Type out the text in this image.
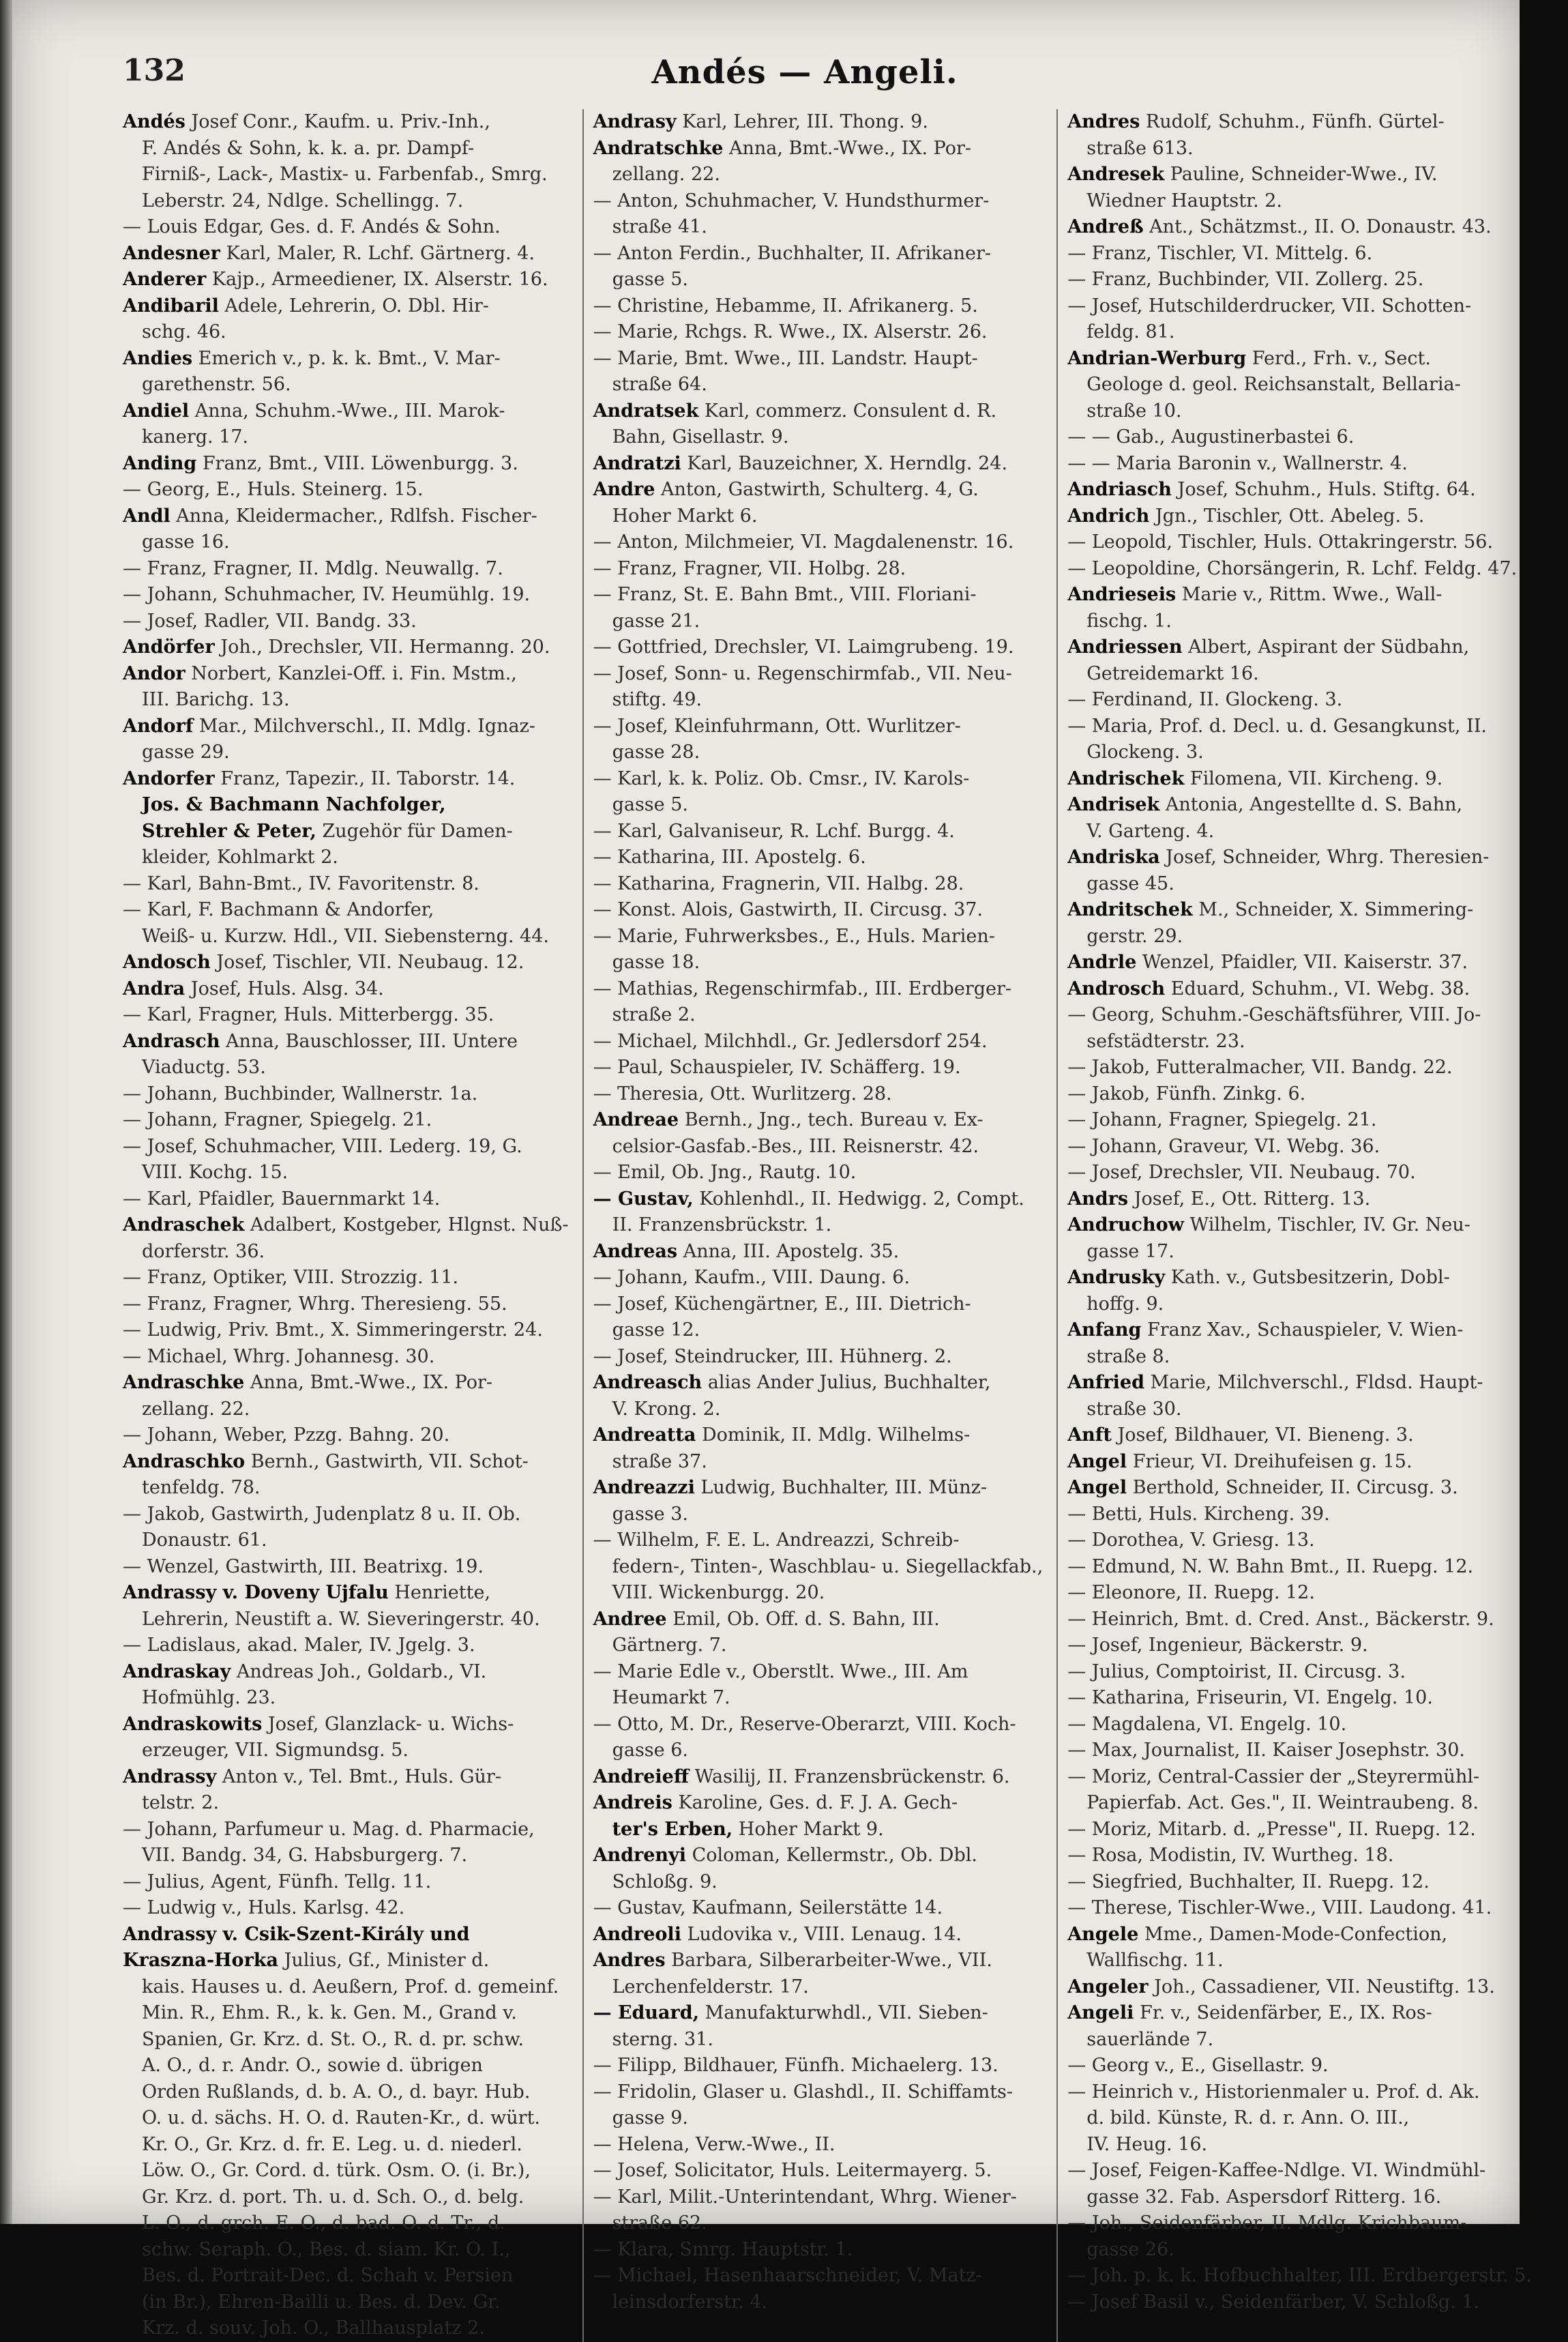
132	Andés — Angeli.
Andés Josef Conr., Kaufm. u. Priv.-Inh.,
F. Andés & Sohn, k. k. a. pr. Dampf-
Firniß-, Lack-, Mastix- u. Farbenfab., Smrg.
Leberstr. 24, Ndlge. Schellingg. 7.
— Louis Edgar, Ges. d. F. Andés & Sohn.
Andesner Karl, Maler, R. Lchf. Gärtnerg. 4.
Anderer Kajp., Armeediener, IX. Alserstr. 16.
Andibaril Adele, Lehrerin, O. Dbl. Hir-
schg. 46.
Andies Emerich v., p. k. k. Bmt., V. Mar-
garethenstr. 56.
Andiel Anna, Schuhm.-Wwe., III. Marok-
kanerg. 17.
Anding Franz, Bmt., VIII. Löwenburgg. 3.
— Georg, E., Huls. Steinerg. 15.
Andl Anna, Kleidermacher., Rdlfsh. Fischer-
gasse 16.
— Franz, Fragner, II. Mdlg. Neuwallg. 7.
— Johann, Schuhmacher, IV. Heumühlg. 19.
— Josef, Radler, VII. Bandg. 33.
Andörfer Joh., Drechsler, VII. Hermanng. 20.
Andor Norbert, Kanzlei-Off. i. Fin. Mstm.,
III. Barichg. 13.
Andorf Mar., Milchverschl., II. Mdlg. Ignaz-
gasse 29.
Andorfer Franz, Tapezir., II. Taborstr. 14.
Jos. & Bachmann Nachfolger,
Strehler & Peter, Zugehör für Damen-
kleider, Kohlmarkt 2.
— Karl, Bahn-Bmt., IV. Favoritenstr. 8.
— Karl, F. Bachmann & Andorfer,
Weiß- u. Kurzw. Hdl., VII. Siebensterng. 44.
Andosch Josef, Tischler, VII. Neubaug. 12.
Andra Josef, Huls. Alsg. 34.
— Karl, Fragner, Huls. Mitterbergg. 35.
Andrasch Anna, Bauschlosser, III. Untere
Viaductg. 53.
— Johann, Buchbinder, Wallnerstr. 1a.
— Johann, Fragner, Spiegelg. 21.
— Josef, Schuhmacher, VIII. Lederg. 19, G.
VIII. Kochg. 15.
— Karl, Pfaidler, Bauernmarkt 14.
Andraschek Adalbert, Kostgeber, Hlgnst. Nuß-
dorferstr. 36.
— Franz, Optiker, VIII. Strozzig. 11.
— Franz, Fragner, Whrg. Theresieng. 55.
— Ludwig, Priv. Bmt., X. Simmeringerstr. 24.
— Michael, Whrg. Johannesg. 30.
Andraschke Anna, Bmt.-Wwe., IX. Por-
zellang. 22.
— Johann, Weber, Pzzg. Bahng. 20.
Andraschko Bernh., Gastwirth, VII. Schot-
tenfeldg. 78.
— Jakob, Gastwirth, Judenplatz 8 u. II. Ob.
Donaustr. 61.
— Wenzel, Gastwirth, III. Beatrixg. 19.
Andrassy v. Doveny Ujfalu Henriette,
Lehrerin, Neustift a. W. Sieveringerstr. 40.
— Ladislaus, akad. Maler, IV. Jgelg. 3.
Andraskay Andreas Joh., Goldarb., VI.
Hofmühlg. 23.
Andraskowits Josef, Glanzlack- u. Wichs-
erzeuger, VII. Sigmundsg. 5.
Andrassy Anton v., Tel. Bmt., Huls. Gür-
telstr. 2.
— Johann, Parfumeur u. Mag. d. Pharmacie,
VII. Bandg. 34, G. Habsburgerg. 7.
— Julius, Agent, Fünfh. Tellg. 11.
— Ludwig v., Huls. Karlsg. 42.
Andrassy v. Csik-Szent-Király und
Krasznа-Horka Julius, Gf., Minister d.
kais. Hauses u. d. Aeußern, Prof. d. gemeinf.
Min. R., Ehm. R., k. k. Gen. M., Grand v.
Spanien, Gr. Krz. d. St. O., R. d. pr. schw.
A. O., d. r. Andr. O., sowie d. übrigen
Orden Rußlands, d. b. A. O., d. bayr. Hub.
O. u. d. sächs. H. O. d. Rauten-Kr., d. würt.
Kr. O., Gr. Krz. d. fr. E. Leg. u. d. niederl.
Löw. O., Gr. Cord. d. türk. Osm. O. (i. Br.),
Gr. Krz. d. port. Th. u. d. Sch. O., d. belg.
L. O., d. grch. E. O., d. bad. O. d. Tr., d.
schw. Seraph. O., Bes. d. siam. Kr. O. I.,
Bes. d. Portrait-Dec. d. Schah v. Persien
(in Br.), Ehren-Bailli u. Bes. d. Dev. Gr.
Krz. d. souv. Joh. O., Ballhausplatz 2.
Andrasy Karl, Lehrer, III. Thong. 9.
Andratschke Anna, Bmt.-Wwe., IX. Por-
zellang. 22.
— Anton, Schuhmacher, V. Hundsthurmer-
straße 41.
— Anton Ferdin., Buchhalter, II. Afrikaner-
gasse 5.
— Christine, Hebamme, II. Afrikanerg. 5.
— Marie, Rchgs. R. Wwe., IX. Alserstr. 26.
— Marie, Bmt. Wwe., III. Landstr. Haupt-
straße 64.
Andratsek Karl, commerz. Consulent d. R.
Bahn, Gisellastr. 9.
Andratzi Karl, Bauzeichner, X. Herndlg. 24.
Andre Anton, Gastwirth, Schulterg. 4, G.
Hoher Markt 6.
— Anton, Milchmeier, VI. Magdalenenstr. 16.
— Franz, Fragner, VII. Holbg. 28.
— Franz, St. E. Bahn Bmt., VIII. Floriani-
gasse 21.
— Gottfried, Drechsler, VI. Laimgrubeng. 19.
— Josef, Sonn- u. Regenschirmfab., VII. Neu-
stiftg. 49.
— Josef, Kleinfuhrmann, Ott. Wurlitzer-
gasse 28.
— Karl, k. k. Poliz. Ob. Cmsr., IV. Karols-
gasse 5.
— Karl, Galvaniseur, R. Lchf. Burgg. 4.
— Katharina, III. Apostelg. 6.
— Katharina, Fragnerin, VII. Halbg. 28.
— Konst. Alois, Gastwirth, II. Circusg. 37.
— Marie, Fuhrwerksbes., E., Huls. Marien-
gasse 18.
— Mathias, Regenschirmfab., III. Erdberger-
straße 2.
— Michael, Milchhdl., Gr. Jedlersdorf 254.
— Paul, Schauspieler, IV. Schäfferg. 19.
— Theresia, Ott. Wurlitzerg. 28.
Andreae Bernh., Jng., tech. Bureau v. Ex-
celsior-Gasfab.-Bes., III. Reisnerstr. 42.
— Emil, Ob. Jng., Rautg. 10.
— Gustav, Kohlenhdl., II. Hedwigg. 2, Compt.
II. Franzensbrückstr. 1.
Andreas Anna, III. Apostelg. 35.
— Johann, Kaufm., VIII. Daung. 6.
— Josef, Küchengärtner, E., III. Dietrich-
gasse 12.
— Josef, Steindrucker, III. Hühnerg. 2.
Andreasch alias Ander Julius, Buchhalter,
V. Krong. 2.
Andreatta Dominik, II. Mdlg. Wilhelms-
straße 37.
Andreazzi Ludwig, Buchhalter, III. Münz-
gasse 3.
— Wilhelm, F. E. L. Andreazzi, Schreib-
federn-, Tinten-, Waschblau- u. Siegellackfab.,
VIII. Wickenburgg. 20.
Andree Emil, Ob. Off. d. S. Bahn, III.
Gärtnerg. 7.
— Marie Edle v., Oberstlt. Wwe., III. Am
Heumarkt 7.
— Otto, M. Dr., Reserve-Oberarzt, VIII. Koch-
gasse 6.
Andreieff Wasilij, II. Franzensbrückenstr. 6.
Andreis Karoline, Ges. d. F. J. A. Gech-
ter's Erben, Hoher Markt 9.
Andrenyi Coloman, Kellermstr., Ob. Dbl.
Schloßg. 9.
— Gustav, Kaufmann, Seilerstätte 14.
Andreoli Ludovika v., VIII. Lenaug. 14.
Andres Barbara, Silberarbeiter-Wwe., VII.
Lerchenfelderstr. 17.
— Eduard, Manufakturwhdl., VII. Sieben-
sterng. 31.
— Filipp, Bildhauer, Fünfh. Michaelerg. 13.
— Fridolin, Glaser u. Glashdl., II. Schiffamts-
gasse 9.
— Helena, Verw.-Wwe., II.
— Josef, Solicitator, Huls. Leitermayerg. 5.
— Karl, Milit.-Unterintendant, Whrg. Wiener-
straße 62.
— Klara, Smrg. Hauptstr. 1.
— Michael, Hasenhaarschneider, V. Matz-
leinsdorferstr. 4.
Andres Rudolf, Schuhm., Fünfh. Gürtel-
straße 613.
Andresek Pauline, Schneider-Wwe., IV.
Wiedner Hauptstr. 2.
Andreß Ant., Schätzmst., II. O. Donaustr. 43.
— Franz, Tischler, VI. Mittelg. 6.
— Franz, Buchbinder, VII. Zollerg. 25.
— Josef, Hutschilderdrucker, VII. Schotten-
feldg. 81.
Andrian-Werburg Ferd., Frh. v., Sect.
Geologe d. geol. Reichsanstalt, Bellaria-
straße 10.
— — Gab., Augustinerbastei 6.
— — Maria Baronin v., Wallnerstr. 4.
Andriasch Josef, Schuhm., Huls. Stiftg. 64.
Andrich Jgn., Tischler, Ott. Abeleg. 5.
— Leopold, Tischler, Huls. Ottakringerstr. 56.
— Leopoldine, Chorsängerin, R. Lchf. Feldg. 47.
Andrieseis Marie v., Rittm. Wwe., Wall-
fischg. 1.
Andriessen Albert, Aspirant der Südbahn,
Getreidemarkt 16.
— Ferdinand, II. Glockeng. 3.
— Maria, Prof. d. Decl. u. d. Gesangkunst, II.
Glockeng. 3.
Andrischek Filomena, VII. Kircheng. 9.
Andrisek Antonia, Angestellte d. S. Bahn,
V. Garteng. 4.
Andriska Josef, Schneider, Whrg. Theresien-
gasse 45.
Andritschek M., Schneider, X. Simmering-
gerstr. 29.
Andrle Wenzel, Pfaidler, VII. Kaiserstr. 37.
Androsch Eduard, Schuhm., VI. Webg. 38.
— Georg, Schuhm.-Geschäftsführer, VIII. Jo-
sefstädterstr. 23.
— Jakob, Futteralmacher, VII. Bandg. 22.
— Jakob, Fünfh. Zinkg. 6.
— Johann, Fragner, Spiegelg. 21.
— Johann, Graveur, VI. Webg. 36.
— Josef, Drechsler, VII. Neubaug. 70.
Andrs Josef, E., Ott. Ritterg. 13.
Andruchow Wilhelm, Tischler, IV. Gr. Neu-
gasse 17.
Andrusky Kath. v., Gutsbesitzerin, Dobl-
hoffg. 9.
Anfang Franz Xav., Schauspieler, V. Wien-
straße 8.
Anfried Marie, Milchverschl., Fldsd. Haupt-
straße 30.
Anft Josef, Bildhauer, VI. Bieneng. 3.
Angel Frieur, VI. Dreihufeisen g. 15.
Angel Berthold, Schneider, II. Circusg. 3.
— Betti, Huls. Kircheng. 39.
— Dorothea, V. Griesg. 13.
— Edmund, N. W. Bahn Bmt., II. Ruepg. 12.
— Eleonore, II. Ruepg. 12.
— Heinrich, Bmt. d. Cred. Anst., Bäckerstr. 9.
— Josef, Ingenieur, Bäckerstr. 9.
— Julius, Comptoirist, II. Circusg. 3.
— Katharina, Friseurin, VI. Engelg. 10.
— Magdalena, VI. Engelg. 10.
— Max, Journalist, II. Kaiser Josephstr. 30.
— Moriz, Central-Cassier der „Steyrermühl-
Papierfab. Act. Ges.", II. Weintraubeng. 8.
— Moriz, Mitarb. d. „Presse", II. Ruepg. 12.
— Rosa, Modistin, IV. Wurtheg. 18.
— Siegfried, Buchhalter, II. Ruepg. 12.
— Therese, Tischler-Wwe., VIII. Laudong. 41.
Angele Mme., Damen-Mode-Confection,
Wallfischg. 11.
Angeler Joh., Cassadiener, VII. Neustiftg. 13.
Angeli Fr. v., Seidenfärber, E., IX. Ros-
sauerlände 7.
— Georg v., E., Gisellastr. 9.
— Heinrich v., Historienmaler u. Prof. d. Ak.
d. bild. Künste, R. d. r. Ann. O. III.,
IV. Heug. 16.
— Josef, Feigen-Kaffee-Ndlge. VI. Windmühl-
gasse 32. Fab. Aspersdorf Ritterg. 16.
— Joh., Seidenfärber, II. Mdlg. Krichbaum-
gasse 26.
— Joh. p. k. k. Hofbuchhalter, III. Erdbergerstr. 5.
— Josef Basil v., Seidenfärber, V. Schloßg. 1.
